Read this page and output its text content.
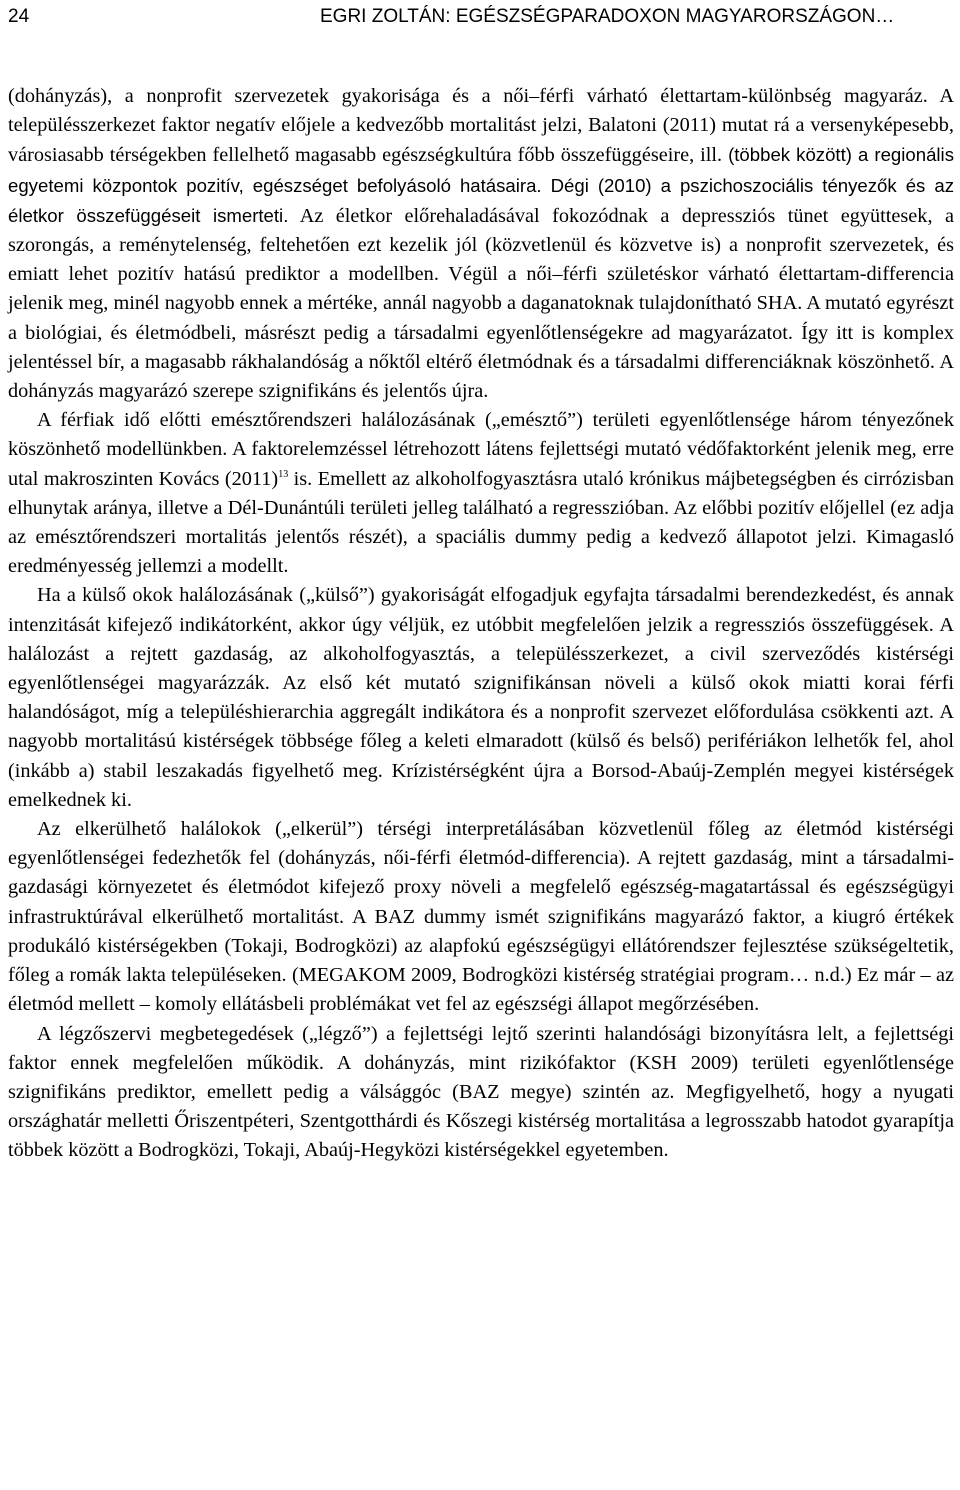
24	EGRI ZOLTÁN: EGÉSZSÉGPARADOXON MAGYARORSZÁGON…

(dohányzás), a nonprofit szervezetek gyakorisága és a női–férfi várható élettartam-különbség magyaráz. A településszerkezet faktor negatív előjele a kedvezőbb mortalitást jelzi, Balatoni (2011) mutat rá a versenyképesebb, városiasabb térségekben fellelhető magasabb egészségkultúra főbb összefüggéseire, ill. (többek között) a regionális egyetemi központok pozitív, egészséget befolyásoló hatásaira. Dégi (2010) a pszichoszociális tényezők és az életkor összefüggéseit ismerteti. Az életkor előrehaladásával fokozódnak a depressziós tünet együttesek, a szorongás, a reménytelenség, feltehetően ezt kezelik jól (közvetlenül és közvetve is) a nonprofit szervezetek, és emiatt lehet pozitív hatású prediktor a modellben. Végül a női–férfi születéskor várható élettartam-differencia jelenik meg, minél nagyobb ennek a mértéke, annál nagyobb a daganatoknak tulajdonítható SHA. A mutató egyrészt a biológiai, és életmódbeli, másrészt pedig a társadalmi egyenlőtlenségekre ad magyarázatot. Így itt is komplex jelentéssel bír, a magasabb rákhalandóság a nőktől eltérő életmódnak és a társadalmi differenciáknak köszönhető. A dohányzás magyarázó szerepe szignifikáns és jelentős újra.

A férfiak idő előtti emésztőrendszeri halálozásának („emésztő”) területi egyenlőtlensége három tényezőnek köszönhető modellünkben. A faktorelemzéssel létrehozott látens fejlettségi mutató védőfaktorként jelenik meg, erre utal makroszinten Kovács $(2011)^{13}$ is. Emellett az alkoholfogyasztásra utaló krónikus májbetegségben és cirrózisban elhunytak aránya, illetve a Dél-Dunántúli területi jelleg található a regresszióban. Az előbbi pozitív előjellel (ez adja az emésztőrendszeri mortalitás jelentős részét), a spaciális dummy pedig a kedvező állapotot jelzi. Kimagasló eredményesség jellemzi a modellt.

Ha a külső okok halálozásának („külső”) gyakoriságát elfogadjuk egyfajta társadalmi berendezkedést, és annak intenzitását kifejező indikátorként, akkor úgy véljük, ez utóbbit megfelelően jelzik a regressziós összefüggések. A halálozást a rejtett gazdaság, az alkoholfogyasztás, a településszerkezet, a civil szerveződés kistérségi egyenlőtlenségei magyarázzák. Az első két mutató szignifikánsan növeli a külső okok miatti korai férfi halandóságot, míg a településhierarchia aggregált indikátora és a nonprofit szervezet előfordulása csökkenti azt. A nagyobb mortalitású kistérségek többsége főleg a keleti elmaradott (külső és belső) perifériákon lelhetők fel, ahol (inkább a) stabil leszakadás figyelhető meg. Krízistérségként újra a Borsod-Abaúj-Zemplén megyei kistérségek emelkednek ki.

Az elkerülhető halálokok („elkerül”) térségi interpretálásában közvetlenül főleg az életmód kistérségi egyenlőtlenségei fedezhetők fel (dohányzás, női-férfi életmód-differencia). A rejtett gazdaság, mint a társadalmi-gazdasági környezetet és életmódot kifejező proxy növeli a megfelelő egészség-magatartással és egészségügyi infrastruktúrával elkerülhető mortalitást. A BAZ dummy ismét szignifikáns magyarázó faktor, a kiugró értékek produkáló kistérségekben (Tokaji, Bodrogközi) az alapfokú egészségügyi ellátórendszer fejlesztése szükségeltetik, főleg a romák lakta településeken. (MEGAKOM 2009, Bodrogközi kistérség stratégiai program… n.d.) Ez már – az életmód mellett – komoly ellátásbeli problémákat vet fel az egészségi állapot megőrzésében.

A légzőszervi megbetegedések („légző”) a fejlettségi lejtő szerinti halandósági bizonyításra lelt, a fejlettségi faktor ennek megfelelően működik. A dohányzás, mint rizikófaktor (KSH 2009) területi egyenlőtlensége szignifikáns prediktor, emellett pedig a válsággóc (BAZ megye) szintén az. Megfigyelhető, hogy a nyugati országhatár melletti Őriszentpéteri, Szentgotthárdi és Kőszegi kistérség mortalitása a legrosszabb hatodot gyarapítja többek között a Bodrogközi, Tokaji, Abaúj-Hegyközi kistérségekkel egyetemben.
